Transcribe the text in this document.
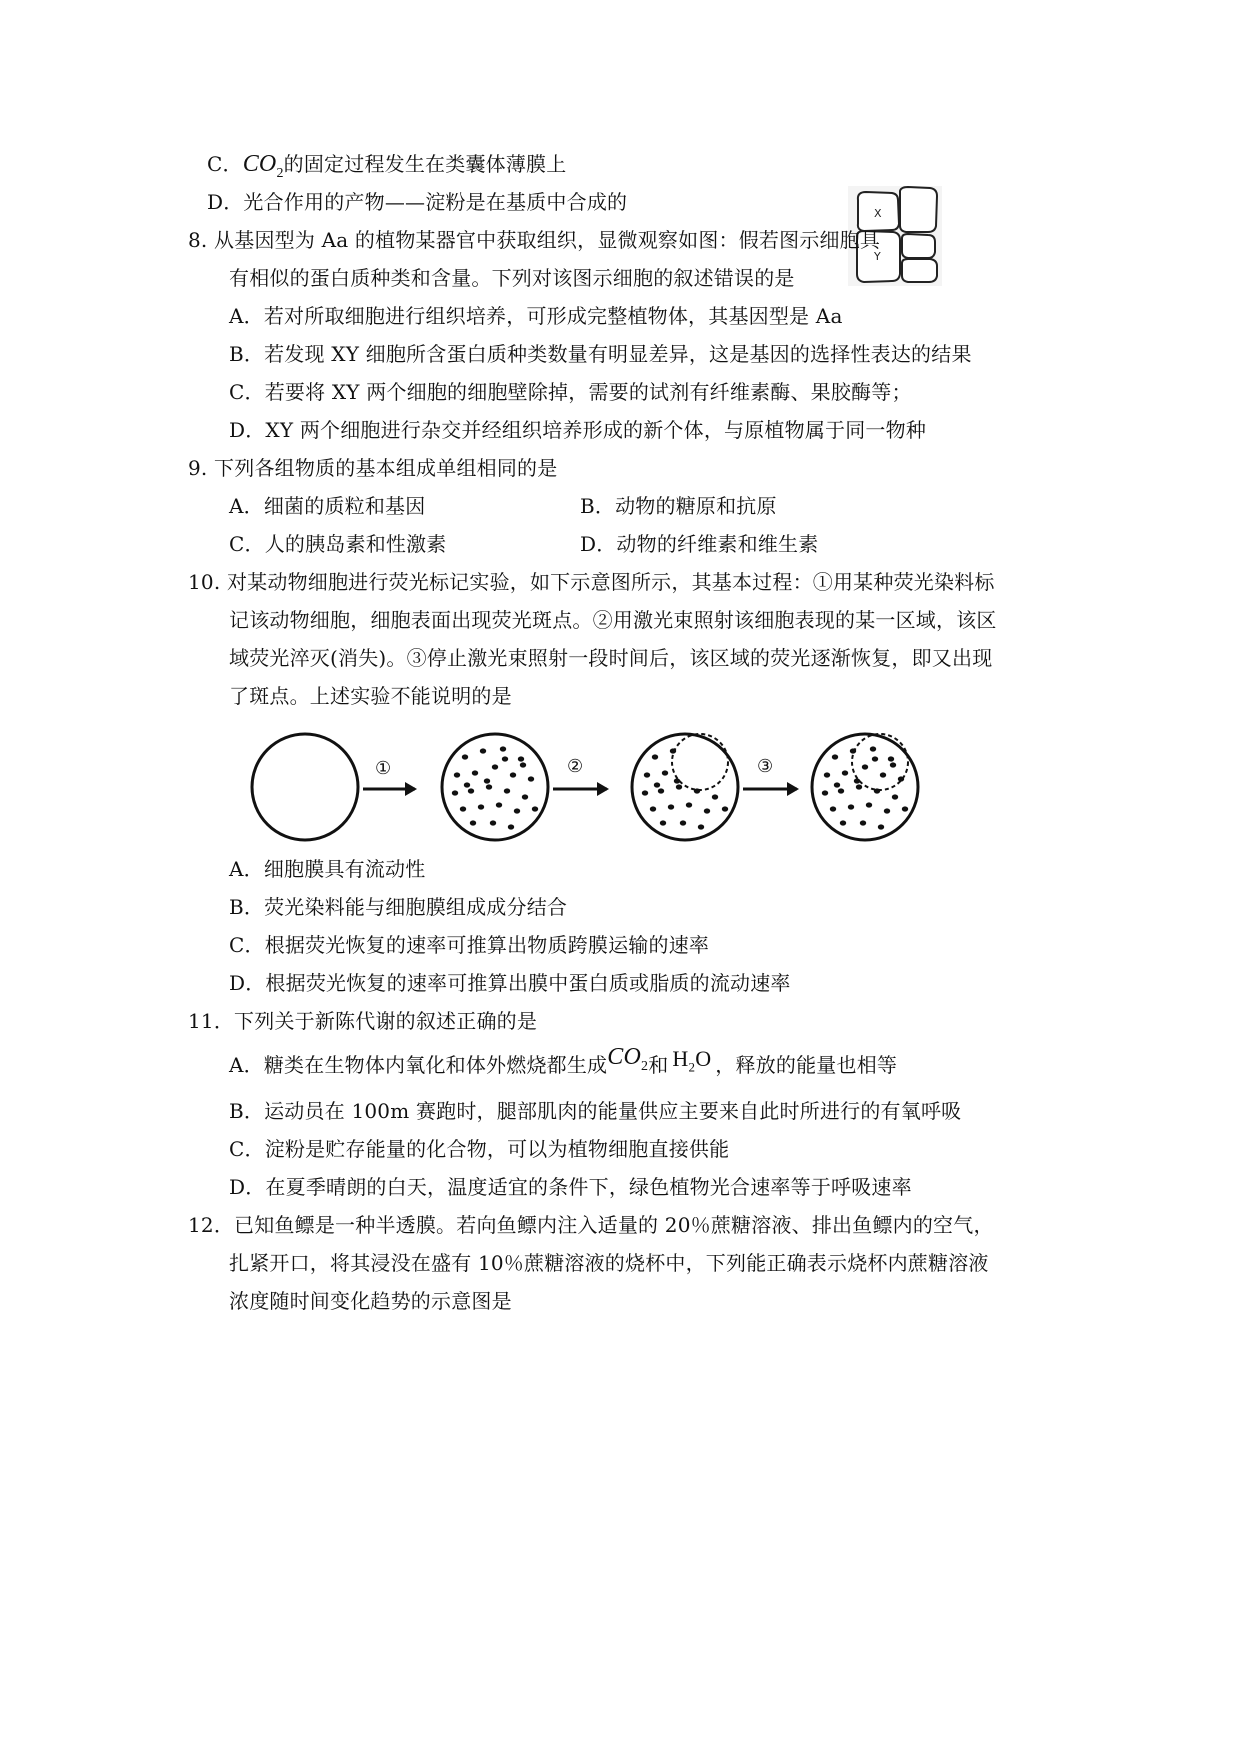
C．$CO_2$的固定过程发生在类囊体薄膜上
D．光合作用的产物——淀粉是在基质中合成的	X
Y
8. 从基因型为 Aa 的植物某器官中获取组织，显微观察如图：假若图示细胞具
有相似的蛋白质种类和含量。下列对该图示细胞的叙述错误的是
A．若对所取细胞进行组织培养，可形成完整植物体，其基因型是 Aa
B．若发现 XY 细胞所含蛋白质种类数量有明显差异，这是基因的选择性表达的结果
C．若要将 XY 两个细胞的细胞壁除掉，需要的试剂有纤维素酶、果胶酶等；
D．XY 两个细胞进行杂交并经组织培养形成的新个体，与原植物属于同一物种
9. 下列各组物质的基本组成单组相同的是
A．细菌的质粒和基因	B．动物的糖原和抗原
C．人的胰岛素和性激素	D．动物的纤维素和维生素
10. 对某动物细胞进行荧光标记实验，如下示意图所示，其基本过程：①用某种荧光染料标
记该动物细胞，细胞表面出现荧光斑点。②用激光束照射该细胞表现的某一区域，该区
域荧光淬灭(消失)。③停止激光束照射一段时间后，该区域的荧光逐渐恢复，即又出现
了斑点。上述实验不能说明的是
①	②	③
A．细胞膜具有流动性
B．荧光染料能与细胞膜组成成分结合
C．根据荧光恢复的速率可推算出物质跨膜运输的速率
D．根据荧光恢复的速率可推算出膜中蛋白质或脂质的流动速率
11．下列关于新陈代谢的叙述正确的是
A．糖类在生物体内氧化和体外燃烧都生成$CO_2$和 $H_2O$ ，释放的能量也相等
B．运动员在 100m 赛跑时，腿部肌肉的能量供应主要来自此时所进行的有氧呼吸
C．淀粉是贮存能量的化合物，可以为植物细胞直接供能
D．在夏季晴朗的白天，温度适宜的条件下，绿色植物光合速率等于呼吸速率
12．已知鱼鳔是一种半透膜。若向鱼鳔内注入适量的 20％蔗糖溶液、排出鱼鳔内的空气，
扎紧开口，将其浸没在盛有 10％蔗糖溶液的烧杯中，下列能正确表示烧杯内蔗糖溶液
浓度随时间变化趋势的示意图是
